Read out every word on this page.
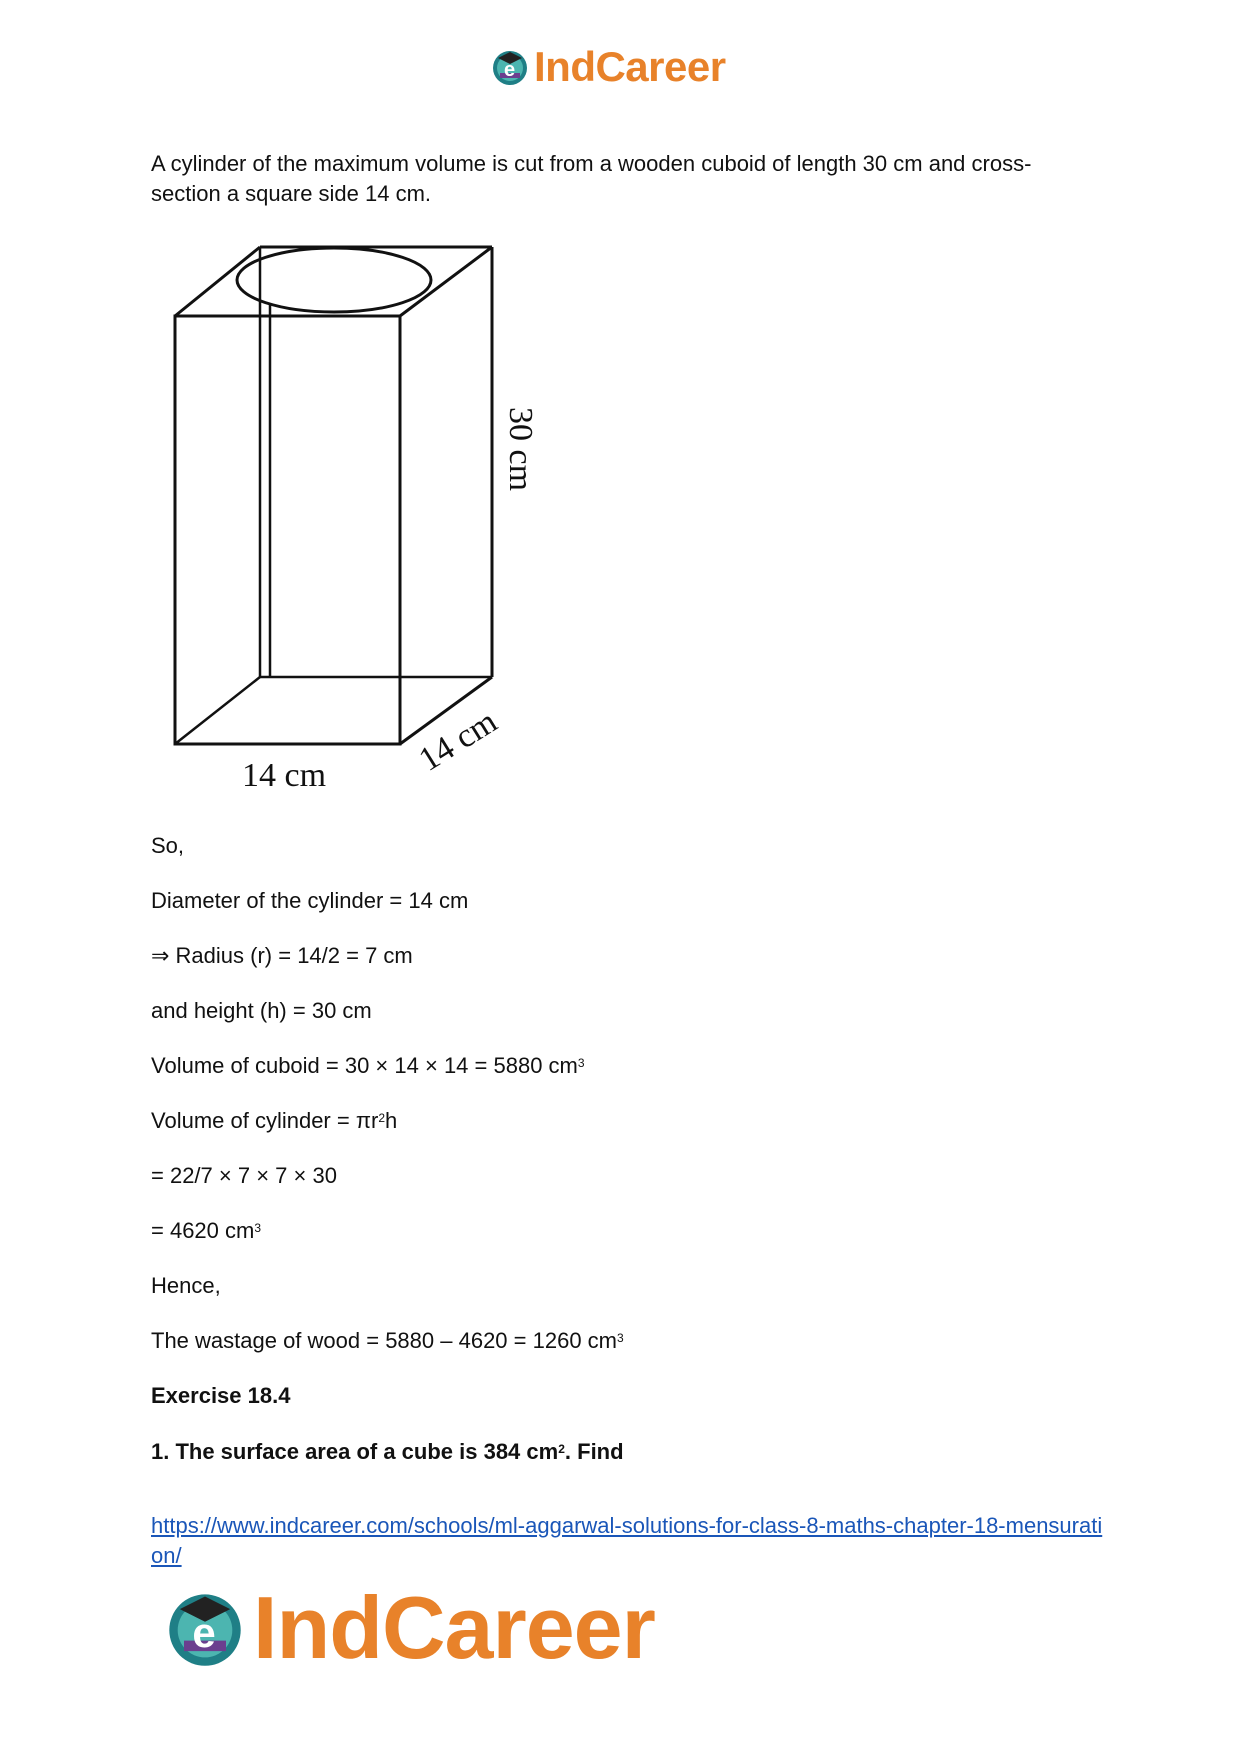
e IndCareer
A cylinder of the maximum volume is cut from a wooden cuboid of length 30 cm and cross-section a square side 14 cm.
So,
Diameter of the cylinder = 14 cm
⇒ Radius (r) = 14/2 = 7 cm
and height (h) = 30 cm
Volume of cuboid = 30 × 14 × 14 = 5880 $cm^3$
Volume of cylinder = $\pi r^2h$
= 22/7 × 7 × 7 × 30
= 4620 $cm^3$
Hence,
The wastage of wood = 5880 – 4620 = 1260 $cm^3$
Exercise 18.4
1. The surface area of a cube is 384 $cm^2$. Find
https://www.indcareer.com/schools/ml-aggarwal-solutions-for-class-8-maths-chapter-18-mensuration/
30 cm
14 cm	14 cm
e IndCareer
